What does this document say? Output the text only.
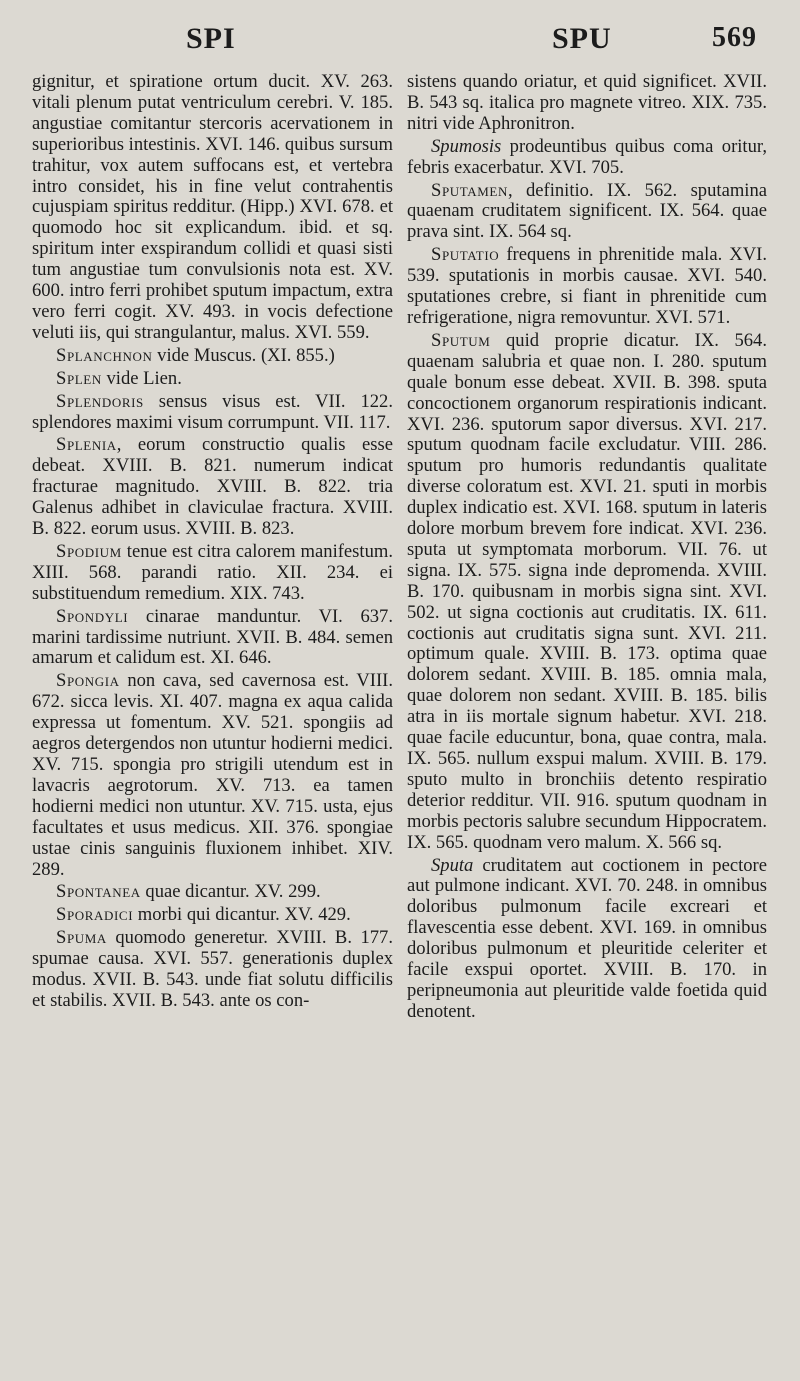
SPI	SPU	569

gignitur, et spiratione ortum ducit. XV. 263. vitali plenum putat ventriculum cerebri. V. 185. angustiae comitantur stercoris acervationem in superioribus intestinis. XVI. 146. quibus sursum trahitur, vox autem suffocans est, et vertebra intro considet, his in fine velut contrahentis cujuspiam spiritus redditur. (Hipp.) XVI. 678. et quomodo hoc sit explicandum. ibid. et sq. spiritum inter exspirandum collidi et quasi sisti tum angustiae tum convulsionis nota est. XV. 600. intro ferri prohibet sputum impactum, extra vero ferri cogit. XV. 493. in vocis defectione veluti iis, qui strangulantur, malus. XVI. 559.

Splanchnon vide Muscus. (XI. 855.)

Splen vide Lien.

Splendoris sensus visus est. VII. 122. splendores maximi visum corrumpunt. VII. 117.

Splenia, eorum constructio qualis esse debeat. XVIII. B. 821. numerum indicat fracturae magnitudo. XVIII. B. 822. tria Galenus adhibet in claviculae fractura. XVIII. B. 822. eorum usus. XVIII. B. 823.

Spodium tenue est citra calorem manifestum. XIII. 568. parandi ratio. XII. 234. ei substituendum remedium. XIX. 743.

Spondyli cinarae manduntur. VI. 637. marini tardissime nutriunt. XVII. B. 484. semen amarum et calidum est. XI. 646.

Spongia non cava, sed cavernosa est. VIII. 672. sicca levis. XI. 407. magna ex aqua calida expressa ut fomentum. XV. 521. spongiis ad aegros detergendos non utuntur hodierni medici. XV. 715. spongia pro strigili utendum est in lavacris aegrotorum. XV. 713. ea tamen hodierni medici non utuntur. XV. 715. usta, ejus facultates et usus medicus. XII. 376. spongiae ustae cinis sanguinis fluxionem inhibet. XIV. 289.

Spontanea quae dicantur. XV. 299.

Sporadici morbi qui dicantur. XV. 429.

Spuma quomodo generetur. XVIII. B. 177. spumae causa. XVI. 557. generationis duplex modus. XVII. B. 543. unde fiat solutu difficilis et stabilis. XVII. B. 543. ante os con-

sistens quando oriatur, et quid significet. XVII. B. 543 sq. italica pro magnete vitreo. XIX. 735. nitri vide Aphronitron.

Spumosis prodeuntibus quibus coma oritur, febris exacerbatur. XVI. 705.

Sputamen, definitio. IX. 562. sputamina quaenam cruditatem significent. IX. 564. quae prava sint. IX. 564 sq.

Sputatio frequens in phrenitide mala. XVI. 539. sputationis in morbis causae. XVI. 540. sputationes crebre, si fiant in phrenitide cum refrigeratione, nigra removuntur. XVI. 571.

Sputum quid proprie dicatur. IX. 564. quaenam salubria et quae non. I. 280. sputum quale bonum esse debeat. XVII. B. 398. sputa concoctionem organorum respirationis indicant. XVI. 236. sputorum sapor diversus. XVI. 217. sputum quodnam facile excludatur. VIII. 286. sputum pro humoris redundantis qualitate diverse coloratum est. XVI. 21. sputi in morbis duplex indicatio est. XVI. 168. sputum in lateris dolore morbum brevem fore indicat. XVI. 236. sputa ut symptomata morborum. VII. 76. ut signa. IX. 575. signa inde depromenda. XVIII. B. 170. quibusnam in morbis signa sint. XVI. 502. ut signa coctionis aut cruditatis. IX. 611. coctionis aut cruditatis signa sunt. XVI. 211. optimum quale. XVIII. B. 173. optima quae dolorem sedant. XVIII. B. 185. omnia mala, quae dolorem non sedant. XVIII. B. 185. bilis atra in iis mortale signum habetur. XVI. 218. quae facile educuntur, bona, quae contra, mala. IX. 565. nullum exspui malum. XVIII. B. 179. sputo multo in bronchiis detento respiratio deterior redditur. VII. 916. sputum quodnam in morbis pectoris salubre secundum Hippocratem. IX. 565. quodnam vero malum. X. 566 sq.

Sputa cruditatem aut coctionem in pectore aut pulmone indicant. XVI. 70. 248. in omnibus doloribus pulmonum facile excreari et flavescentia esse debent. XVI. 169. in omnibus doloribus pulmonum et pleuritide celeriter et facile exspui oportet. XVIII. B. 170. in peripneumonia aut pleuritide valde foetida quid denotent.
